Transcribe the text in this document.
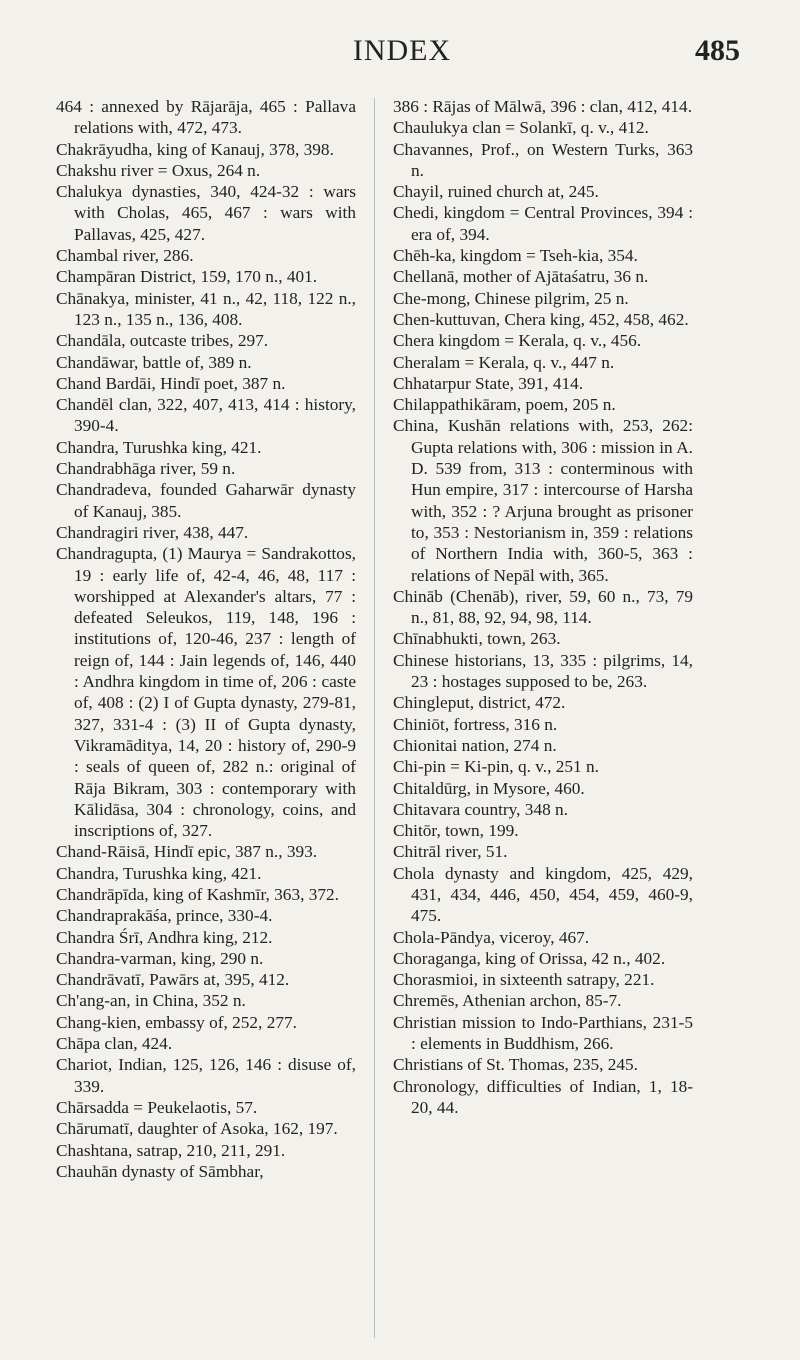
INDEX	485

464 : annexed by Rājarāja, 465 : Pallava relations with, 472, 473.

Chakrāyudha, king of Kanauj, 378, 398.

Chakshu river = Oxus, 264 n.

Chalukya dynasties, 340, 424-32 : wars with Cholas, 465, 467 : wars with Pallavas, 425, 427.

Chambal river, 286.

Champāran District, 159, 170 n., 401.

Chānakya, minister, 41 n., 42, 118, 122 n., 123 n., 135 n., 136, 408.

Chandāla, outcaste tribes, 297.

Chandāwar, battle of, 389 n.

Chand Bardāi, Hindī poet, 387 n.

Chandēl clan, 322, 407, 413, 414 : history, 390-4.

Chandra, Turushka king, 421.

Chandrabhāga river, 59 n.

Chandradeva, founded Gaharwār dynasty of Kanauj, 385.

Chandragiri river, 438, 447.

Chandragupta, (1) Maurya = Sandrakottos, 19 : early life of, 42-4, 46, 48, 117 : worshipped at Alexander's altars, 77 : defeated Seleukos, 119, 148, 196 : institutions of, 120-46, 237 : length of reign of, 144 : Jain legends of, 146, 440 : Andhra kingdom in time of, 206 : caste of, 408 : (2) I of Gupta dynasty, 279-81, 327, 331-4 : (3) II of Gupta dynasty, Vikramāditya, 14, 20 : history of, 290-9 : seals of queen of, 282 n.: original of Rāja Bikram, 303 : contemporary with Kālidāsa, 304 : chronology, coins, and inscriptions of, 327.

Chand-Rāisā, Hindī epic, 387 n., 393.

Chandra, Turushka king, 421.

Chandrāpīda, king of Kashmīr, 363, 372.

Chandraprakāśa, prince, 330-4.

Chandra Śrī, Andhra king, 212.

Chandra-varman, king, 290 n.

Chandrāvatī, Pawārs at, 395, 412.

Ch'ang-an, in China, 352 n.

Chang-kien, embassy of, 252, 277.

Chāpa clan, 424.

Chariot, Indian, 125, 126, 146 : disuse of, 339.

Chārsadda = Peukelaotis, 57.

Chārumatī, daughter of Asoka, 162, 197.

Chashtana, satrap, 210, 211, 291.

Chauhān dynasty of Sāmbhar,

386 : Rājas of Mālwā, 396 : clan, 412, 414.

Chaulukya clan = Solankī, q. v., 412.

Chavannes, Prof., on Western Turks, 363 n.

Chayil, ruined church at, 245.

Chedi, kingdom = Central Provinces, 394 : era of, 394.

Chēh-ka, kingdom = Tseh-kia, 354.

Chellanā, mother of Ajātaśatru, 36 n.

Che-mong, Chinese pilgrim, 25 n.

Chen-kuttuvan, Chera king, 452, 458, 462.

Chera kingdom = Kerala, q. v., 456.

Cheralam = Kerala, q. v., 447 n.

Chhatarpur State, 391, 414.

Chilappathikāram, poem, 205 n.

China, Kushān relations with, 253, 262: Gupta relations with, 306 : mission in A. D. 539 from, 313 : conterminous with Hun empire, 317 : intercourse of Harsha with, 352 : ? Arjuna brought as prisoner to, 353 : Nestorianism in, 359 : relations of Northern India with, 360-5, 363 : relations of Nepāl with, 365.

Chināb (Chenāb), river, 59, 60 n., 73, 79 n., 81, 88, 92, 94, 98, 114.

Chīnabhukti, town, 263.

Chinese historians, 13, 335 : pilgrims, 14, 23 : hostages supposed to be, 263.

Chingleput, district, 472.

Chiniōt, fortress, 316 n.

Chionitai nation, 274 n.

Chi-pin = Ki-pin, q. v., 251 n.

Chitaldūrg, in Mysore, 460.

Chitavara country, 348 n.

Chitōr, town, 199.

Chitrāl river, 51.

Chola dynasty and kingdom, 425, 429, 431, 434, 446, 450, 454, 459, 460-9, 475.

Chola-Pāndya, viceroy, 467.

Choraganga, king of Orissa, 42 n., 402.

Chorasmioi, in sixteenth satrapy, 221.

Chremēs, Athenian archon, 85-7.

Christian mission to Indo-Parthians, 231-5 : elements in Buddhism, 266.

Christians of St. Thomas, 235, 245.

Chronology, difficulties of Indian, 1, 18-20, 44.
